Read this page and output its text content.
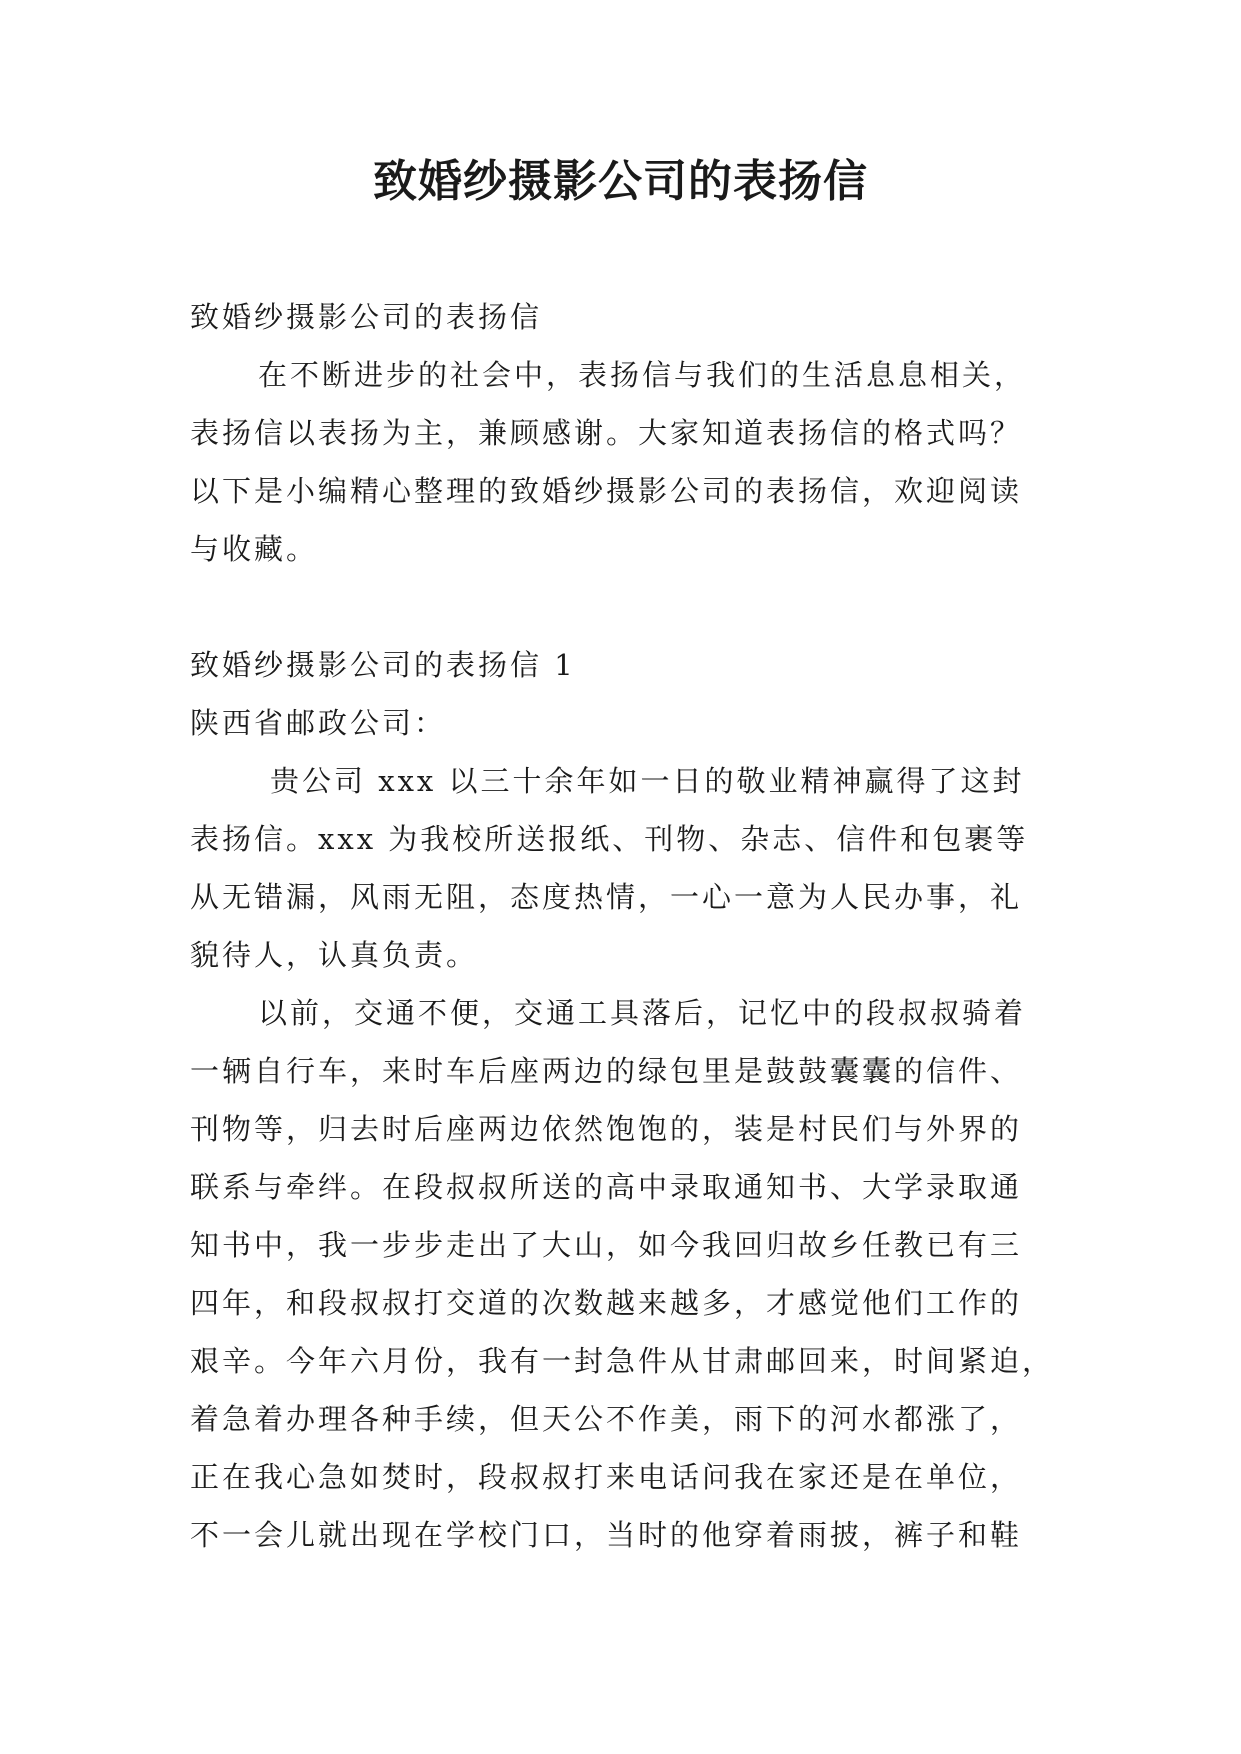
致婚纱摄影公司的表扬信

致婚纱摄影公司的表扬信

在不断进步的社会中，表扬信与我们的生活息息相关，

表扬信以表扬为主，兼顾感谢。大家知道表扬信的格式吗？

以下是小编精心整理的致婚纱摄影公司的表扬信，欢迎阅读

与收藏。

致婚纱摄影公司的表扬信 1

陕西省邮政公司：

贵公司 xxx 以三十余年如一日的敬业精神赢得了这封

表扬信。xxx 为我校所送报纸、刊物、杂志、信件和包裹等

从无错漏，风雨无阻，态度热情，一心一意为人民办事，礼

貌待人，认真负责。

以前，交通不便，交通工具落后，记忆中的段叔叔骑着

一辆自行车，来时车后座两边的绿包里是鼓鼓囊囊的信件、

刊物等，归去时后座两边依然饱饱的，装是村民们与外界的

联系与牵绊。在段叔叔所送的高中录取通知书、大学录取通

知书中，我一步步走出了大山，如今我回归故乡任教已有三

四年，和段叔叔打交道的次数越来越多，才感觉他们工作的

艰辛。今年六月份，我有一封急件从甘肃邮回来，时间紧迫，

着急着办理各种手续，但天公不作美，雨下的河水都涨了，

正在我心急如焚时，段叔叔打来电话问我在家还是在单位，

不一会儿就出现在学校门口，当时的他穿着雨披，裤子和鞋
